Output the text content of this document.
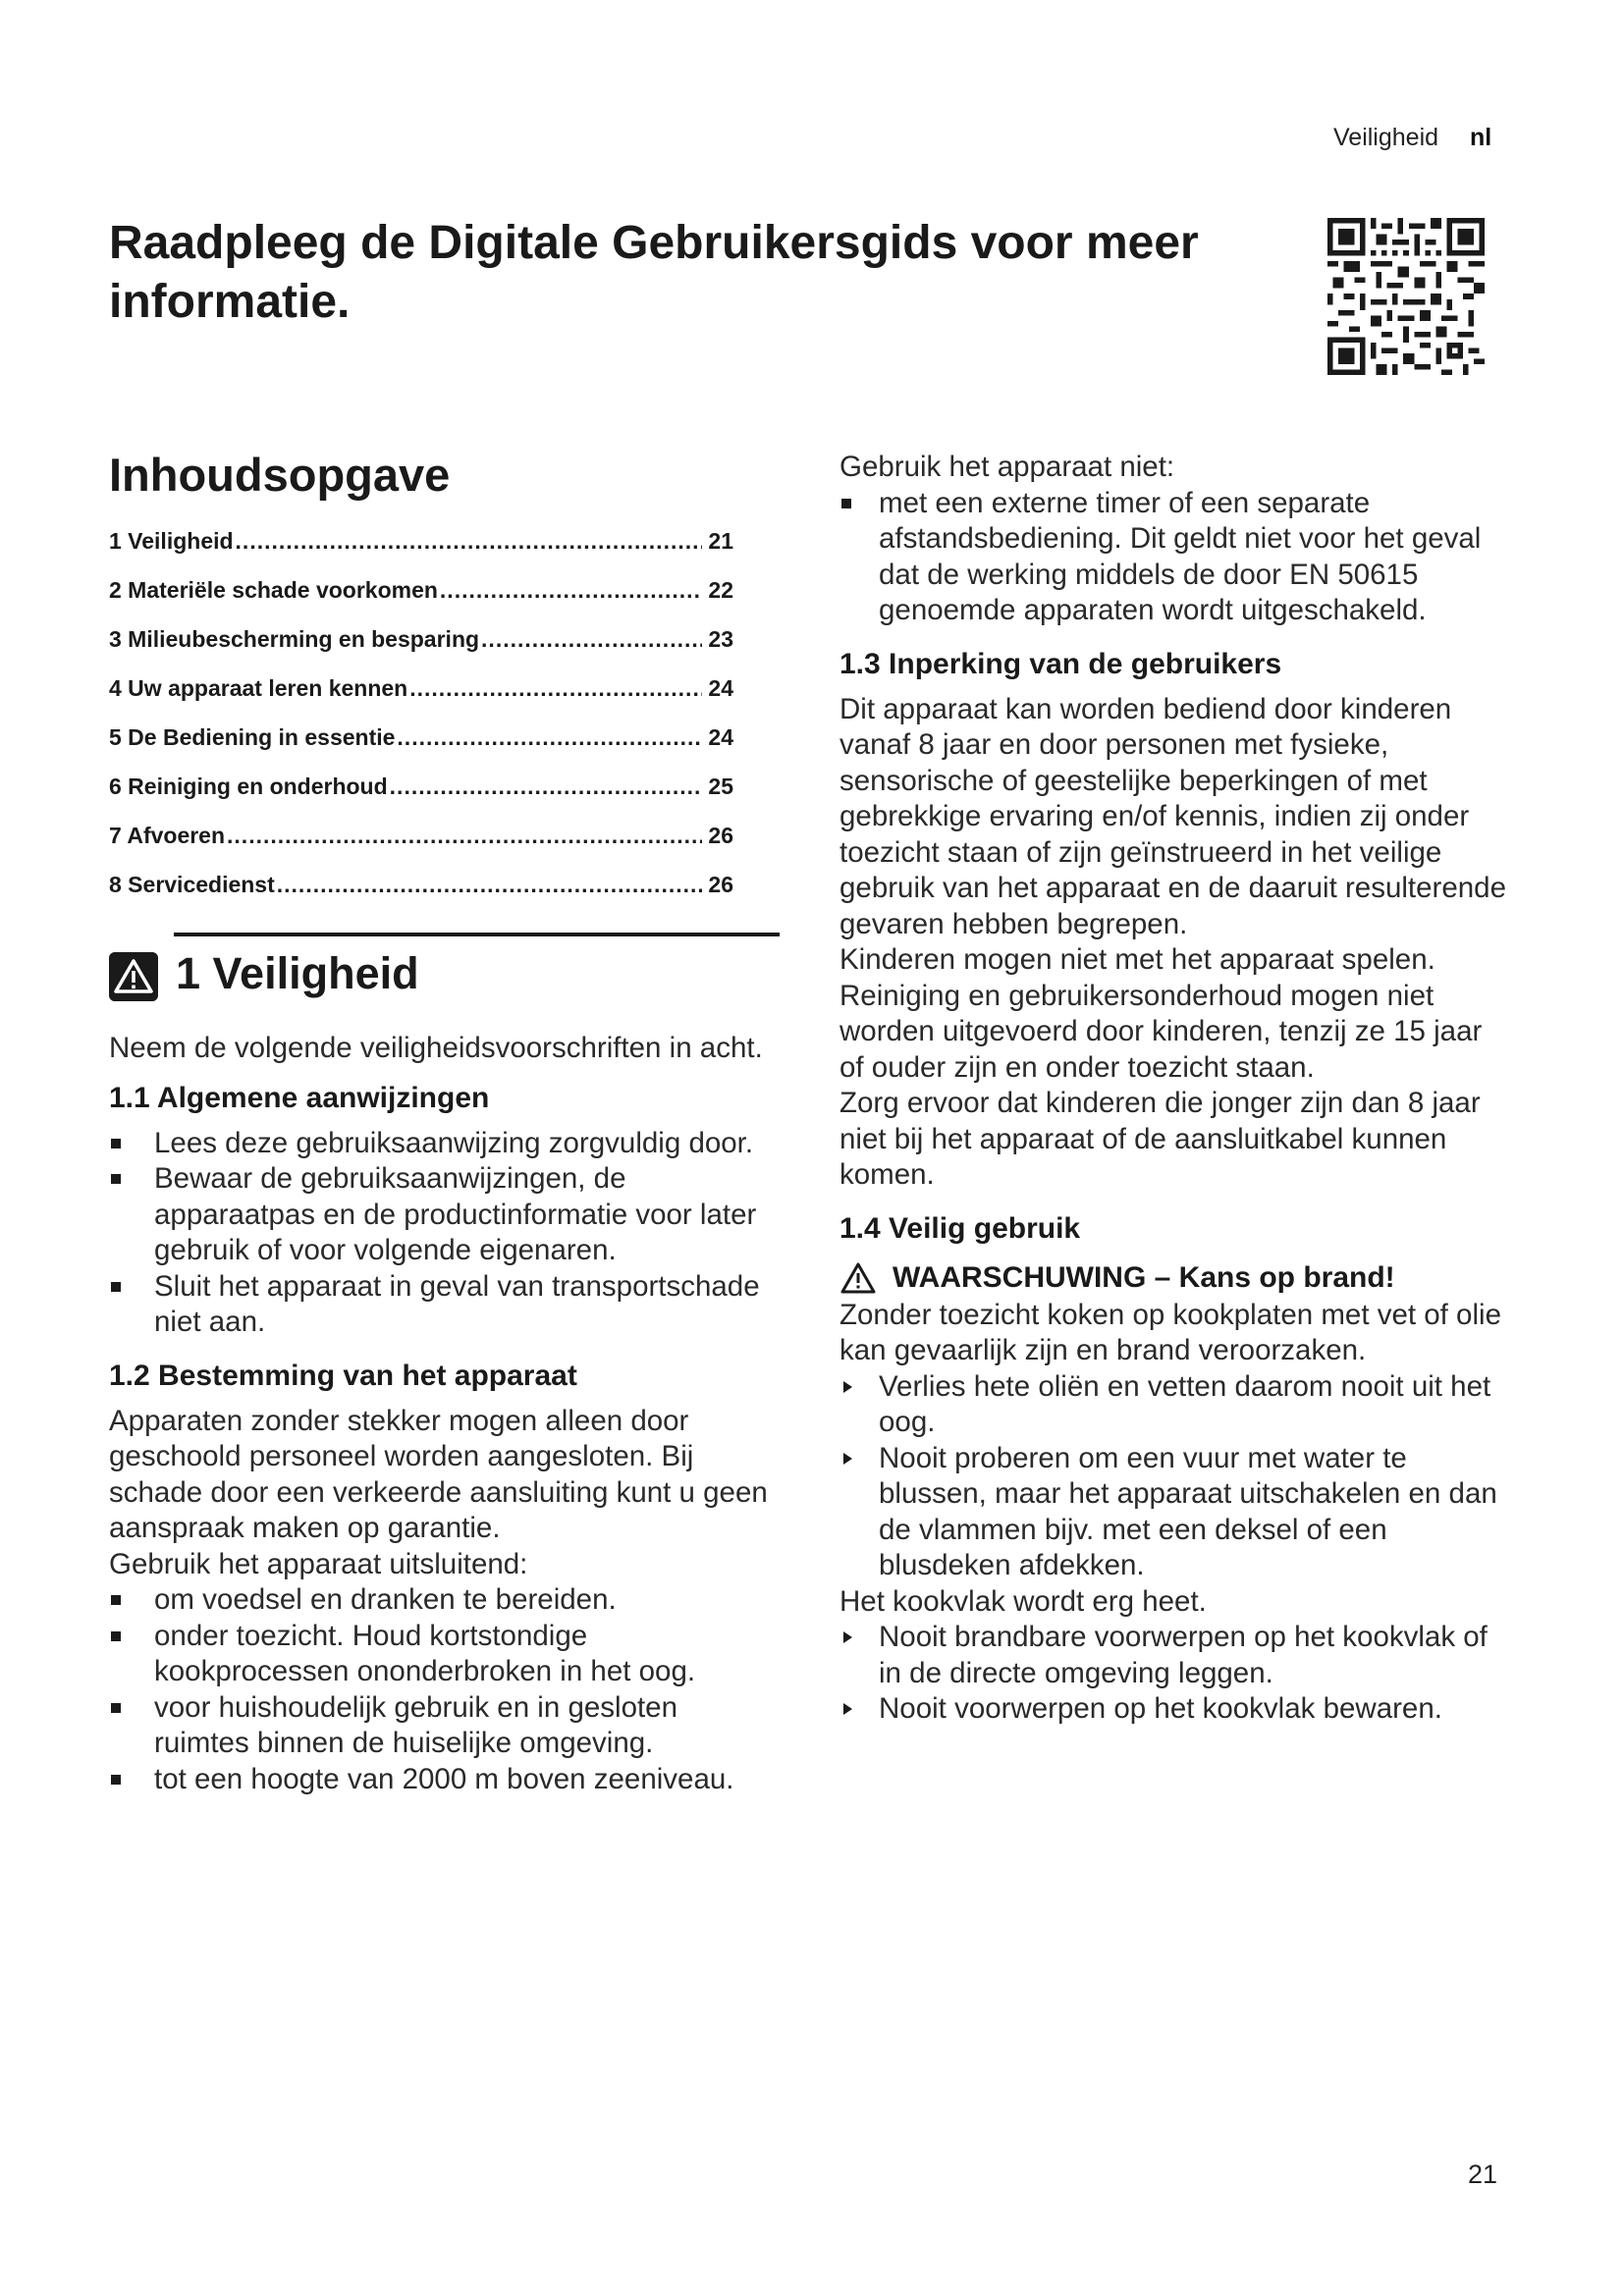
Veiligheid nl
Raadpleeg de Digitale Gebruikersgids voor meer informatie.
Inhoudsopgave
1 Veiligheid .....	21
2 Materiële schade voorkomen .....	22
3 Milieubescherming en besparing .....	23
4 Uw apparaat leren kennen .....	24
5 De Bediening in essentie .....	24
6 Reiniging en onderhoud .....	25
7 Afvoeren .....	26
8 Servicedienst .....	26
1 Veiligheid

Neem de volgende veiligheidsvoorschriften in acht.

1.1 Algemene aanwijzingen
Lees deze gebruiksaanwijzing zorgvuldig door.
Bewaar de gebruiksaanwijzingen, de apparaatpas en de productinformatie voor later gebruik of voor volgende eigenaren.
Sluit het apparaat in geval van transportschade niet aan.
1.2 Bestemming van het apparaat

Apparaten zonder stekker mogen alleen door geschoold personeel worden aangesloten. Bij schade door een verkeerde aansluiting kunt u geen aanspraak maken op garantie.

Gebruik het apparaat uitsluitend:

om voedsel en dranken te bereiden.
onder toezicht. Houd kortstondige kookprocessen ononderbroken in het oog.
voor huishoudelijk gebruik en in gesloten ruimtes binnen de huiselijke omgeving.
tot een hoogte van 2000 m boven zeeniveau.

Gebruik het apparaat niet:

met een externe timer of een separate afstandsbediening. Dit geldt niet voor het geval dat de werking middels de door EN 50615 genoemde apparaten wordt uitgeschakeld.
1.3 Inperking van de gebruikers

Dit apparaat kan worden bediend door kinderen vanaf 8 jaar en door personen met fysieke, sensorische of geestelijke beperkingen of met gebrekkige ervaring en/of kennis, indien zij onder toezicht staan of zijn geïnstrueerd in het veilige gebruik van het apparaat en de daaruit resulterende gevaren hebben begrepen.

Kinderen mogen niet met het apparaat spelen.

Reiniging en gebruikersonderhoud mogen niet worden uitgevoerd door kinderen, tenzij ze 15 jaar of ouder zijn en onder toezicht staan.

Zorg ervoor dat kinderen die jonger zijn dan 8 jaar niet bij het apparaat of de aansluitkabel kunnen komen.

1.4 Veilig gebruik
WAARSCHUWING – Kans op brand!

Zonder toezicht koken op kookplaten met vet of olie kan gevaarlijk zijn en brand veroorzaken.

Verlies hete oliën en vetten daarom nooit uit het oog.
Nooit proberen om een vuur met water te blussen, maar het apparaat uitschakelen en dan de vlammen bijv. met een deksel of een blusdeken afdekken.

Het kookvlak wordt erg heet.

Nooit brandbare voorwerpen op het kookvlak of in de directe omgeving leggen.
Nooit voorwerpen op het kookvlak bewaren.
21
